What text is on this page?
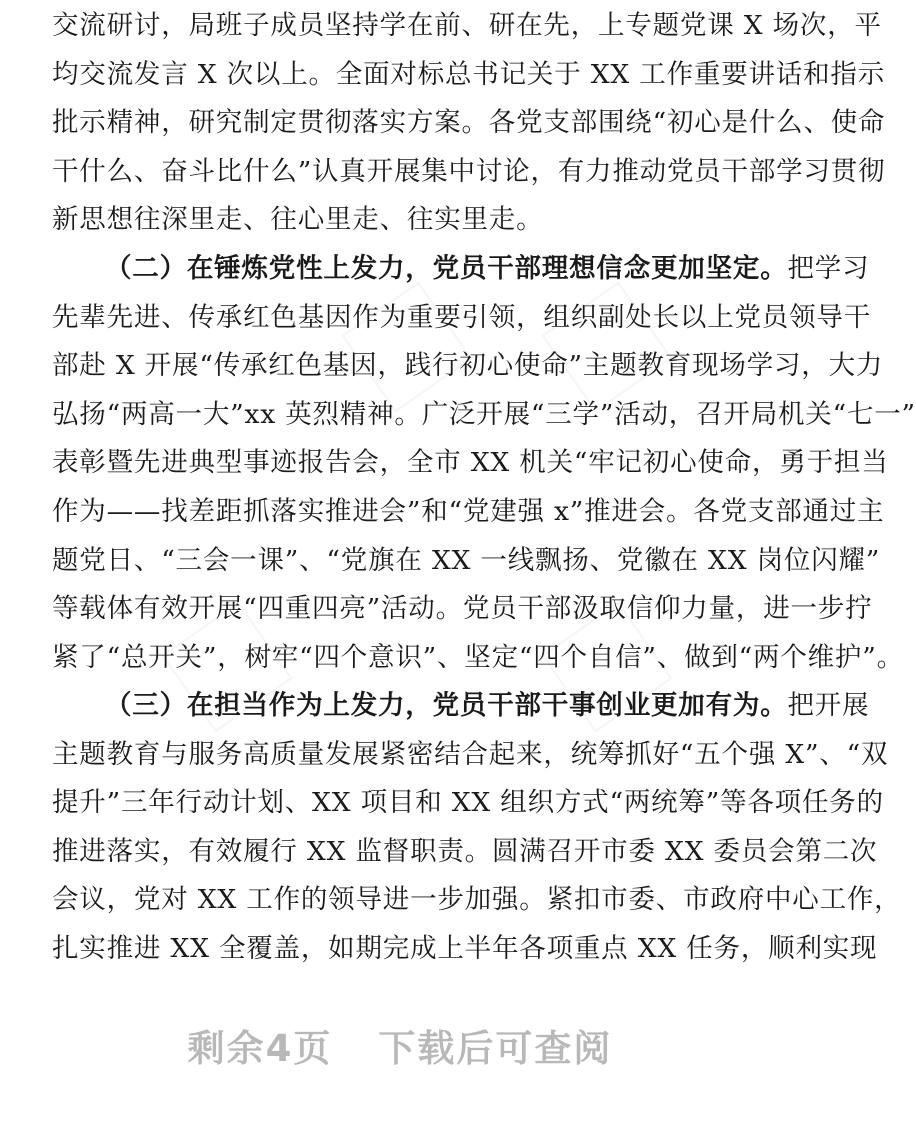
交流研讨，局班子成员坚持学在前、研在先，上专题党课 X 场次，平
均交流发言 X 次以上。全面对标总书记关于 XX 工作重要讲话和指示
批示精神，研究制定贯彻落实方案。各党支部围绕“初心是什么、使命
干什么、奋斗比什么”认真开展集中讨论，有力推动党员干部学习贯彻
新思想往深里走、往心里走、往实里走。
（二）在锤炼党性上发力，党员干部理想信念更加坚定。把学习
先辈先进、传承红色基因作为重要引领，组织副处长以上党员领导干
部赴 X 开展“传承红色基因，践行初心使命”主题教育现场学习，大力
弘扬“两高一大”xx 英烈精神。广泛开展“三学”活动，召开局机关“七一”
表彰暨先进典型事迹报告会，全市 XX 机关“牢记初心使命，勇于担当
作为——找差距抓落实推进会”和“党建强 x”推进会。各党支部通过主
题党日、“三会一课”、“党旗在 XX 一线飘扬、党徽在 XX 岗位闪耀”
等载体有效开展“四重四亮”活动。党员干部汲取信仰力量，进一步拧
紧了“总开关”，树牢“四个意识”、坚定“四个自信”、做到“两个维护”。
（三）在担当作为上发力，党员干部干事创业更加有为。把开展
主题教育与服务高质量发展紧密结合起来，统筹抓好“五个强 X”、“双
提升”三年行动计划、XX 项目和 XX 组织方式“两统筹”等各项任务的
推进落实，有效履行 XX 监督职责。圆满召开市委 XX 委员会第二次
会议，党对 XX 工作的领导进一步加强。紧扣市委、市政府中心工作，
扎实推进 XX 全覆盖，如期完成上半年各项重点 XX 任务，顺利实现
剩余4页 下载后可查阅
